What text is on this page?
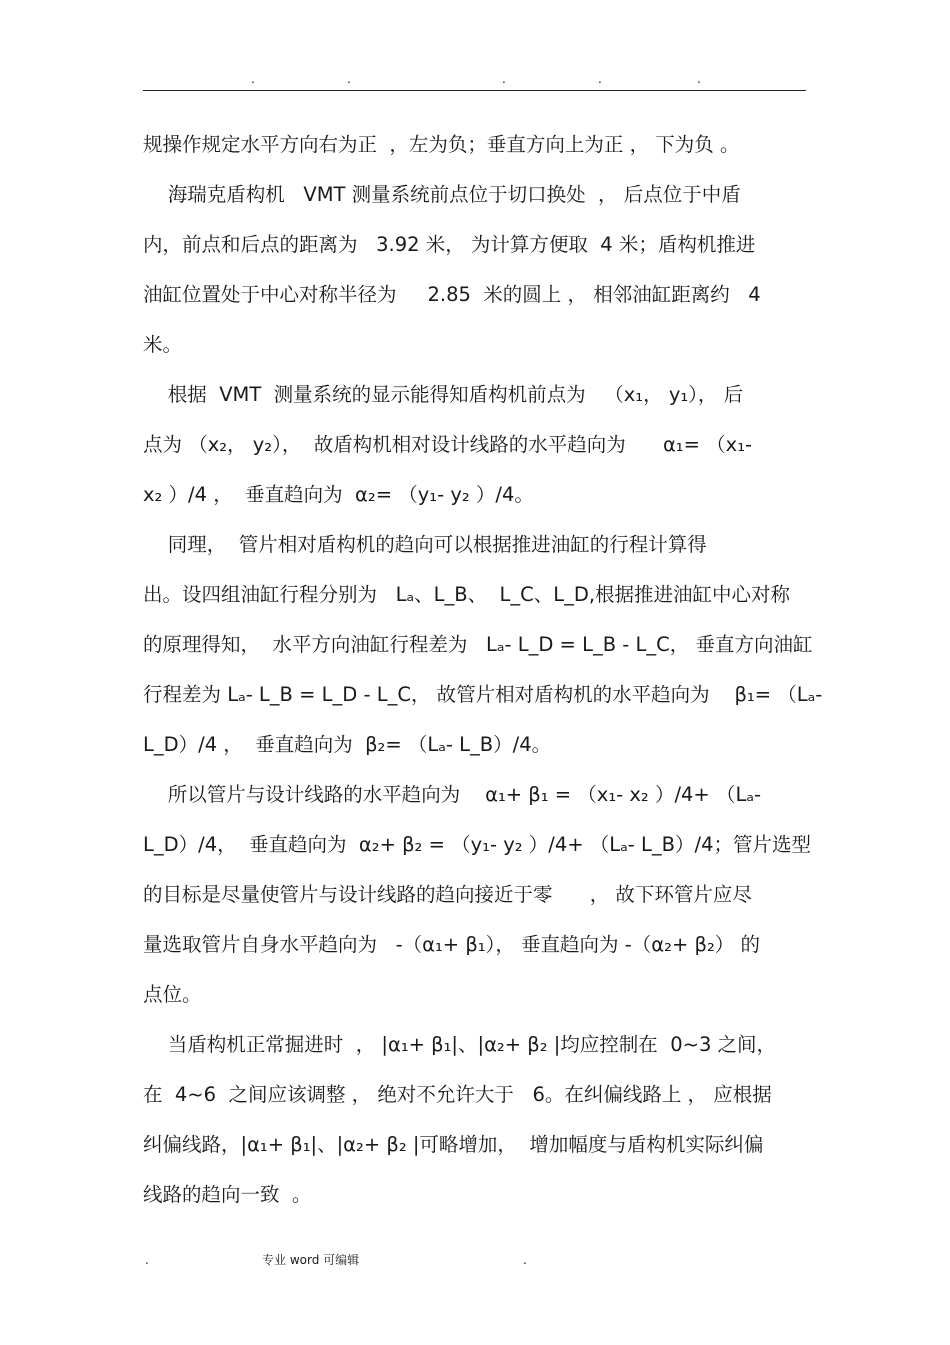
.	.	.	.	.
规操作规定水平方向右为正  ，左为负；垂直方向上为正 ， 下为负 。
海瑞克盾构机   VMT 测量系统前点位于切口换处  ， 后点位于中盾
内，前点和后点的距离为   3.92 米， 为计算方便取  4 米；盾构机推进
油缸位置处于中心对称半径为     2.85  米的圆上 ， 相邻油缸距离约   4
米。
根据  VMT  测量系统的显示能得知盾构机前点为   （x₁， y₁）， 后
点为 （x₂， y₂），  故盾构机相对设计线路的水平趋向为      α₁= （x₁-
x₂ ）/4 ，  垂直趋向为  α₂= （y₁- y₂ ）/4。
同理，  管片相对盾构机的趋向可以根据推进油缸的行程计算得
出。设四组油缸行程分别为   Lₐ、L_B、  L_C、L_D,根据推进油缸中心对称
的原理得知，  水平方向油缸行程差为   Lₐ- L_D = L_B - L_C， 垂直方向油缸
行程差为 Lₐ- L_B = L_D - L_C， 故管片相对盾构机的水平趋向为    β₁= （Lₐ-
L_D）/4 ，  垂直趋向为  β₂= （Lₐ- L_B）/4。
所以管片与设计线路的水平趋向为    α₁+ β₁ = （x₁- x₂ ）/4+ （Lₐ-
L_D）/4，  垂直趋向为  α₂+ β₂ = （y₁- y₂ ）/4+ （Lₐ- L_B）/4；管片选型
的目标是尽量使管片与设计线路的趋向接近于零      ， 故下环管片应尽
量选取管片自身水平趋向为   -（α₁+ β₁）， 垂直趋向为 -（α₂+ β₂） 的
点位。
当盾构机正常掘进时  ， |α₁+ β₁|、|α₂+ β₂ |均应控制在  0~3 之间，
在  4~6  之间应该调整 ， 绝对不允许大于   6。在纠偏线路上 ， 应根据
纠偏线路，|α₁+ β₁|、|α₂+ β₂ |可略增加，  增加幅度与盾构机实际纠偏
线路的趋向一致  。
.	专业 word 可编辑	.
